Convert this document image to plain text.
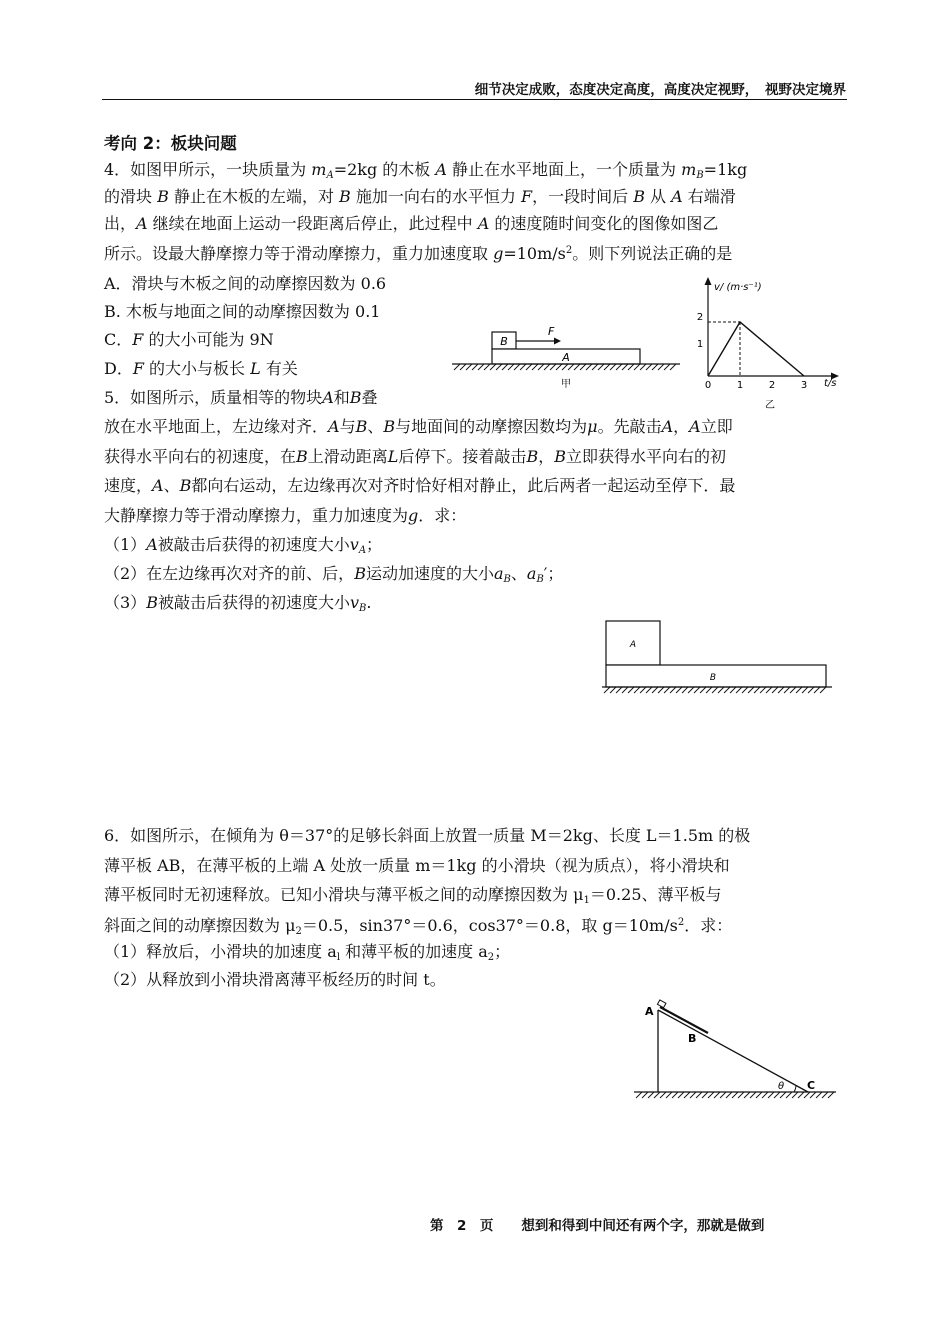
细节决定成败，态度决定高度，高度决定视野，　视野决定境界
考向 2：板块问题
4．如图甲所示，一块质量为 $m_A=2kg$ 的木板 A 静止在水平地面上，一个质量为 $m_B=1kg$
的滑块 B 静止在木板的左端，对 B 施加一向右的水平恒力 F，一段时间后 B 从 A 右端滑
出，A 继续在地面上运动一段距离后停止，此过程中 A 的速度随时间变化的图像如图乙
所示。设最大静摩擦力等于滑动摩擦力，重力加速度取 $g=10m/s^2$。则下列说法正确的是
A．滑块与木板之间的动摩擦因数为 0.6
B. 木板与地面之间的动摩擦因数为 0.1
C．F 的大小可能为 9N
D．F 的大小与板长 L 有关
B
F
A
甲
v/ (m·s⁻¹)
t/s
2
1
0	1	2	3
乙
5．如图所示，质量相等的物块A和B叠
放在水平地面上，左边缘对齐．A与B、B与地面间的动摩擦因数均为μ。先敲击A，A立即
获得水平向右的初速度，在B上滑动距离L后停下。接着敲击B，B立即获得水平向右的初
速度，A、B都向右运动，左边缘再次对齐时恰好相对静止，此后两者一起运动至停下．最
大静摩擦力等于滑动摩擦力，重力加速度为g．求：
（1）A被敲击后获得的初速度大小$v_A$；
（2）在左边缘再次对齐的前、后，B运动加速度的大小$a_B$、$a_B'$；
（3）B被敲击后获得的初速度大小$v_B$.
A
B
6．如图所示，在倾角为 θ＝37°的足够长斜面上放置一质量 M＝2kg、长度 L＝1.5m 的极
薄平板 AB，在薄平板的上端 A 处放一质量 m＝1kg 的小滑块（视为质点），将小滑块和
薄平板同时无初速释放。已知小滑块与薄平板之间的动摩擦因数为 $\mu_1=0.25$、薄平板与
斜面之间的动摩擦因数为 $\mu_2=0.5$，sin37°＝0.6，cos37°＝0.8，取 $g=10m/s^2$．求：
（1）释放后，小滑块的加速度 $a_l$ 和薄平板的加速度 $a_2$；
（2）从释放到小滑块滑离薄平板经历的时间 t。
A
B
C
θ
第　2　页 想到和得到中间还有两个字，那就是做到
